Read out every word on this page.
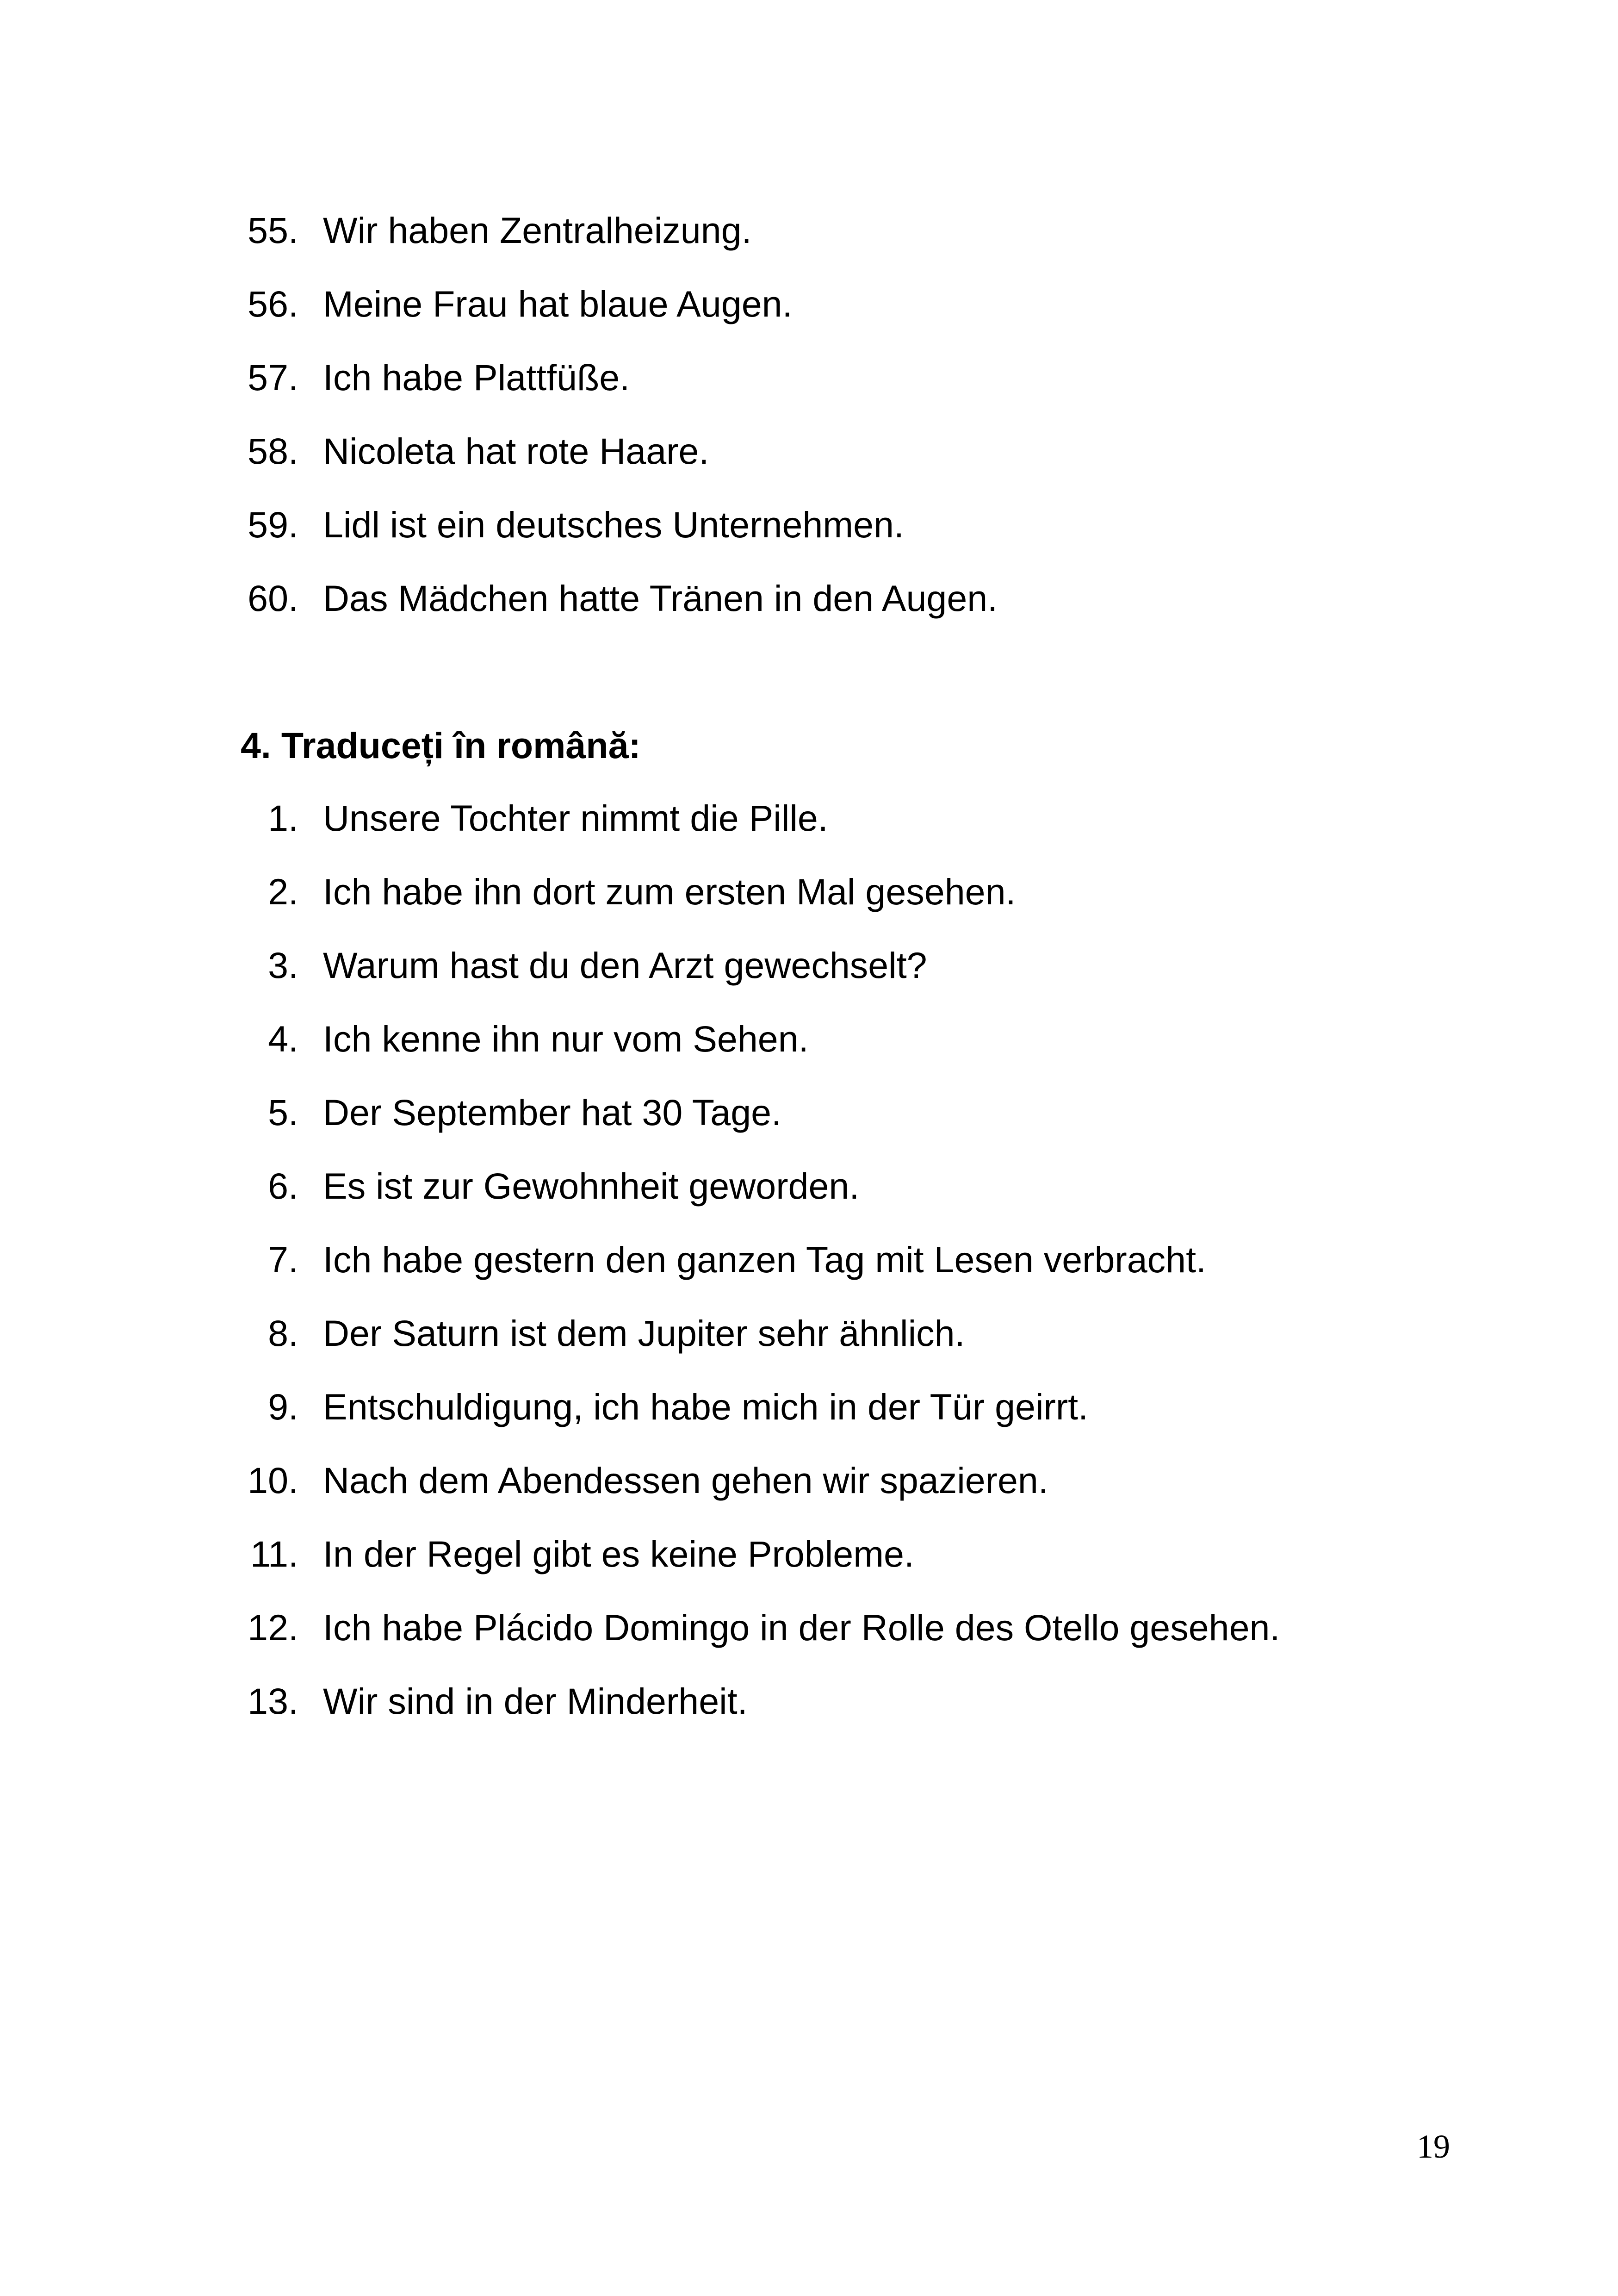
55. Wir haben Zentralheizung.
56. Meine Frau hat blaue Augen.
57. Ich habe Plattfüße.
58. Nicoleta hat rote Haare.
59. Lidl ist ein deutsches Unternehmen.
60. Das Mädchen hatte Tränen in den Augen.
4. Traduceți în română:
1. Unsere Tochter nimmt die Pille.
2. Ich habe ihn dort zum ersten Mal gesehen.
3. Warum hast du den Arzt gewechselt?
4. Ich kenne ihn nur vom Sehen.
5. Der September hat 30 Tage.
6. Es ist zur Gewohnheit geworden.
7. Ich habe gestern den ganzen Tag mit Lesen verbracht.
8. Der Saturn ist dem Jupiter sehr ähnlich.
9. Entschuldigung, ich habe mich in der Tür geirrt.
10. Nach dem Abendessen gehen wir spazieren.
11. In der Regel gibt es keine Probleme.
12. Ich habe Plácido Domingo in der Rolle des Otello gesehen.
13. Wir sind in der Minderheit.
19
